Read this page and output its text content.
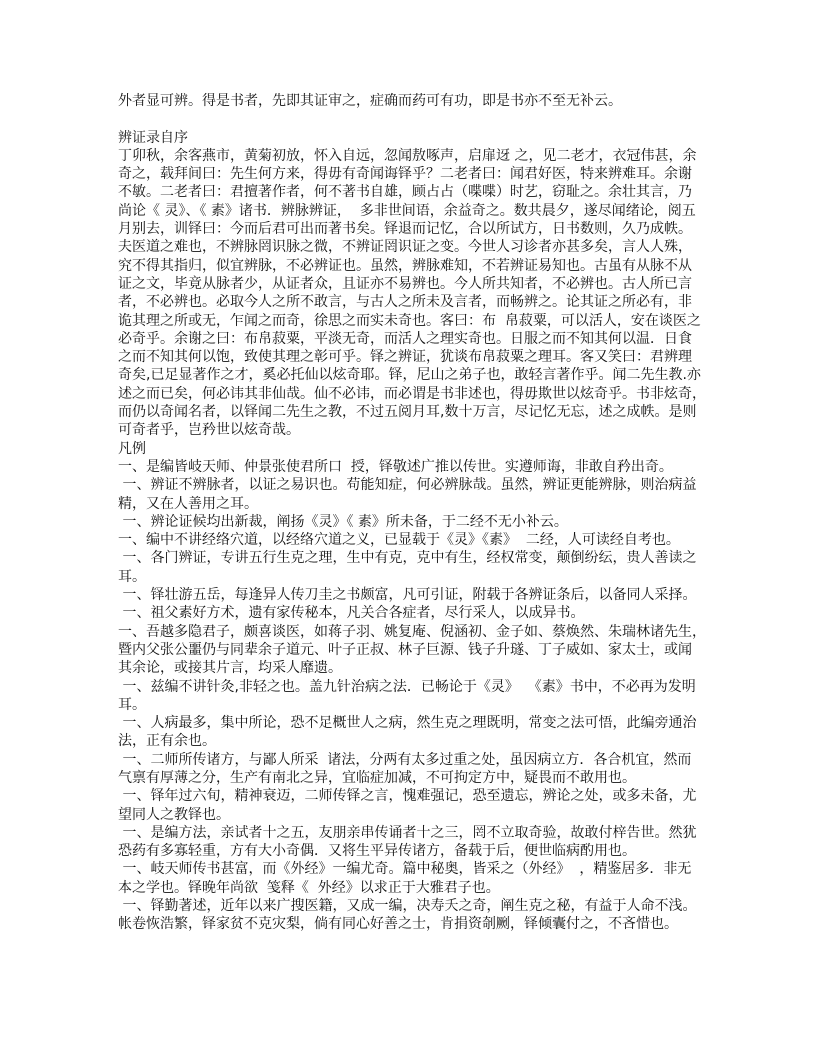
外者显可辨。得是书者，先即其证审之，症确而药可有功，即是书亦不至无补云。
辨证录自序
丁卯秋，余客燕市，黄菊初放，怀入自远，忽闻敖啄声，启扉迓 之，见二老才，衣冠伟甚，余
奇之，载拜间曰：先生何方来，得毋有奇闻诲铎乎？二老者曰：闻君好医，特来辨难耳。余谢
不敏。二老者曰：君擅著作者，何不著书自雄，顾占占（喋喋）时艺，窃耻之。余壮其言，乃
尚论《 灵》、《 素》诸书．辨脉辨证，  多非世间语，余益奇之。数共晨夕，遂尽闻绪论，阅五
月别去，训铎曰：今而后君可出而著书矣。铎退而记忆，合以所试方，日书数则，久乃成帙。
夫医道之难也，不辨脉罔识脉之微，不辨证罔识证之变。今世人习诊者亦甚多矣，言人人殊，
究不得其指归，似宜辨脉，不必辨证也。虽然，辨脉难知，不若辨证易知也。古虽有从脉不从
证之文，毕竟从脉者少，从证者众，且证亦不易辨也。今人所共知者，不必辨也。古人所已言
者，不必辨也。必取今人之所不敢言，与古人之所未及言者，而畅辨之。论其证之所必有，非
诡其理之所或无，乍闻之而奇，徐思之而实未奇也。客曰：布  帛菽粟，可以活人，安在谈医之
必奇乎。余谢之曰：布帛菽粟，平淡无奇，而活人之理实奇也。日服之而不知其何以温．日食
之而不知其何以饱，致使其理之彰可乎。铎之辨证，犹谈布帛菽粟之理耳。客又笑曰：君辨理
奇矣,已足显著作之才，奚必托仙以炫奇耶。铎，尼山之弟子也，敢轻言著作乎。闻二先生教.亦
述之而已矣，何必讳其非仙哉。仙不必讳，而必谓是书非述也，得毋欺世以炫奇乎。书非炫奇，
而仍以奇闻名者，以铎闻二先生之教，不过五阅月耳,数十万言，尽记忆无忘，述之成帙。是则
可奇者乎，岂矜世以炫奇哉。
凡例
一、是编皆岐天师、仲景张使君所口  授，铎敬述广推以传世。实遵师诲，非敢自矜出奇。
一、辨证不辨脉者，以证之易识也。苟能知症，何必辨脉哉。虽然，辨证更能辨脉，则治病益
精，又在人善用之耳。
一、辨论证候均出新裁，阐扬《灵》《 素》所未备，于二经不无小补云。
一、编中不讲经络穴道，以经络穴道之义，已显载于《灵》《素》  二经，人可读经自考也。
一、各门辨证，专讲五行生克之理，生中有克，克中有生，经权常变，颠倒纷纭，贵人善读之
耳。
一、铎壮游五岳，每逢异人传刀圭之书颇富，凡可引证，附载于各辨证条后，以备同人采择。
一、祖父素好方术，遗有家传秘本，凡关合各症者，尽行采人，以成异书。
一、吾越多隐君子，颇喜谈医，如蒋子羽、姚复庵、倪涵初、金子如、蔡焕然、朱瑞林诸先生，
暨内父张公噩仍与同辈余子道元、叶子正叔、林子巨源、钱子升璲、丁子威如、家太士，或闻
其余论，或接其片言，均采人靡遗。
一、兹编不讲针灸,非轻之也。盖九针治病之法．已畅论于《灵》  《素》书中，不必再为发明
耳。
一、人病最多，集中所论，恐不足概世人之病，然生克之理既明，常变之法可悟，此编旁通治
法，正有余也。
一、二师所传诸方，与鄙人所采  诸法，分两有太多过重之处，虽因病立方．各合机宜，然而
气禀有厚薄之分，生产有南北之异，宜临症加减，不可拘定方中，疑畏而不敢用也。
一、铎年过六旬，精神衰迈，二师传铎之言，愧难强记，恐至遗忘，辨论之处，或多未备，尤
望同人之教铎也。
一、是编方法，亲试者十之五，友朋亲串传诵者十之三，罔不立取奇验，故敢付梓告世。然犹
恐药有多寡轻重，方有大小奇偶．又将生平异传诸方，备载于后，便世临病酌用也。
一、岐天师传书甚富，而《外经》一编尤奇。篇中秘奥，皆采之（外经》  ，精鉴居多．非无
本之学也。铎晚年尚欲  笺释《  外经》以求正于大雅君子也。
一、铎勤著述，近年以来广搜医籍，又成一编，决寿夭之奇，阐生克之秘，有益于人命不浅。
帐卷恢浩繁，铎家贫不克灾梨，倘有同心好善之士，肯捐资剞劂，铎倾囊付之，不吝惜也。
